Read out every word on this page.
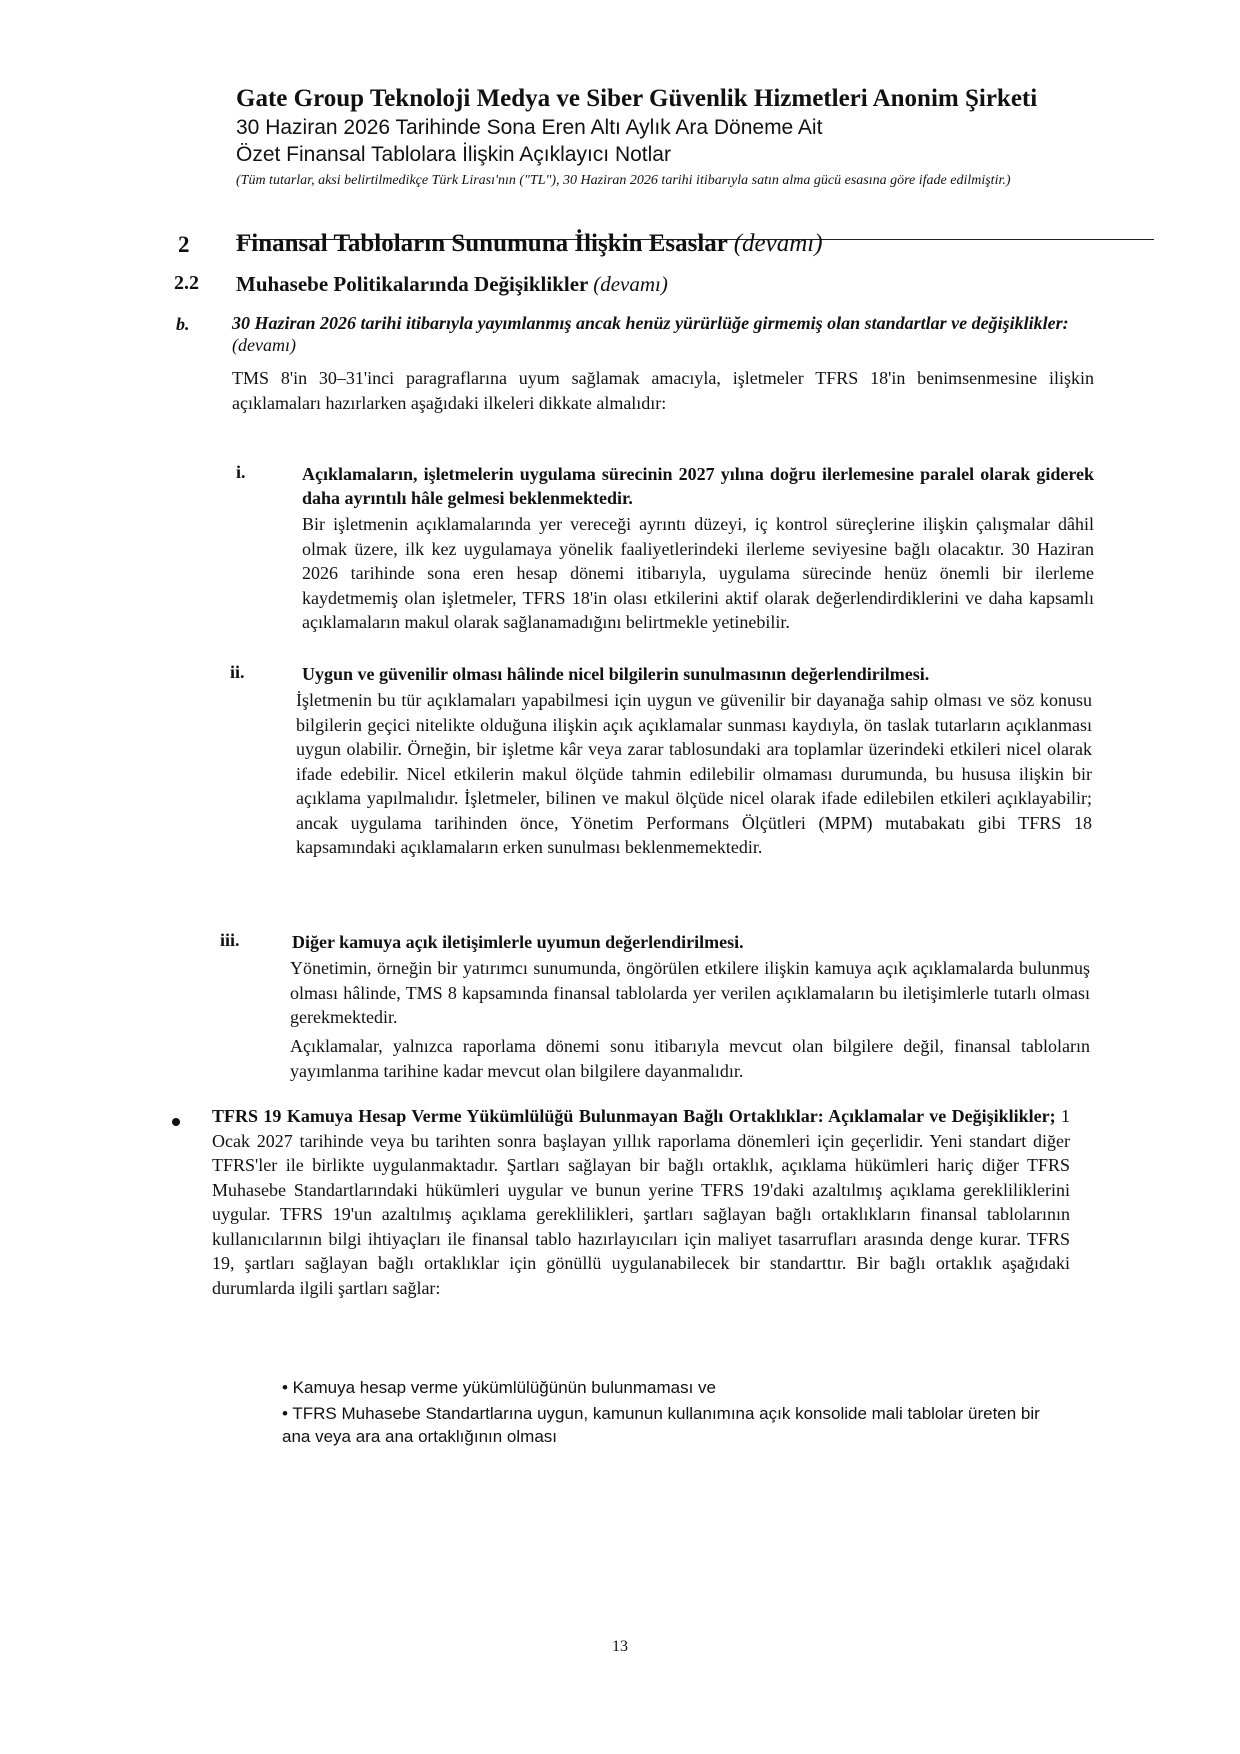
Gate Group Teknoloji Medya ve Siber Güvenlik Hizmetleri Anonim Şirketi
30 Haziran 2026 Tarihinde Sona Eren Altı Aylık Ara Döneme Ait
Özet Finansal Tablolara İlişkin Açıklayıcı Notlar
(Tüm tutarlar, aksi belirtilmedikçe Türk Lirası'nın ("TL"), 30 Haziran 2026 tarihi itibarıyla satın alma gücü esasına göre ifade edilmiştir.)
2 Finansal Tabloların Sunumuna İlişkin Esaslar (devamı)
2.2 Muhasebe Politikalarında Değişiklikler (devamı)
b. 30 Haziran 2026 tarihi itibarıyla yayımlanmış ancak henüz yürürlüğe girmemiş olan standartlar ve değişiklikler: (devamı)
TMS 8'in 30–31'inci paragraflarına uyum sağlamak amacıyla, işletmeler TFRS 18'in benimsenmesine ilişkin açıklamaları hazırlarken aşağıdaki ilkeleri dikkate almalıdır:
i.	Açıklamaların, işletmelerin uygulama sürecinin 2027 yılına doğru ilerlemesine paralel olarak giderek daha ayrıntılı hâle gelmesi beklenmektedir.
Bir işletmenin açıklamalarında yer vereceği ayrıntı düzeyi, iç kontrol süreçlerine ilişkin çalışmalar dâhil olmak üzere, ilk kez uygulamaya yönelik faaliyetlerindeki ilerleme seviyesine bağlı olacaktır. 30 Haziran 2026 tarihinde sona eren hesap dönemi itibarıyla, uygulama sürecinde henüz önemli bir ilerleme kaydetmemiş olan işletmeler, TFRS 18'in olası etkilerini aktif olarak değerlendirdiklerini ve daha kapsamlı açıklamaların makul olarak sağlanamadığını belirtmekle yetinebilir.
ii.	Uygun ve güvenilir olması hâlinde nicel bilgilerin sunulmasının değerlendirilmesi.
İşletmenin bu tür açıklamaları yapabilmesi için uygun ve güvenilir bir dayanağa sahip olması ve söz konusu bilgilerin geçici nitelikte olduğuna ilişkin açık açıklamalar sunması kaydıyla, ön taslak tutarların açıklanması uygun olabilir. Örneğin, bir işletme kâr veya zarar tablosundaki ara toplamlar üzerindeki etkileri nicel olarak ifade edebilir. Nicel etkilerin makul ölçüde tahmin edilebilir olmaması durumunda, bu hususa ilişkin bir açıklama yapılmalıdır. İşletmeler, bilinen ve makul ölçüde nicel olarak ifade edilebilen etkileri açıklayabilir; ancak uygulama tarihinden önce, Yönetim Performans Ölçütleri (MPM) mutabakatı gibi TFRS 18 kapsamındaki açıklamaların erken sunulması beklenmemektedir.
iii.	Diğer kamuya açık iletişimlerle uyumun değerlendirilmesi.
Yönetimin, örneğin bir yatırımcı sunumunda, öngörülen etkilere ilişkin kamuya açık açıklamalarda bulunmuş olması hâlinde, TMS 8 kapsamında finansal tablolarda yer verilen açıklamaların bu iletişimlerle tutarlı olması gerekmektedir.
Açıklamalar, yalnızca raporlama dönemi sonu itibarıyla mevcut olan bilgilere değil, finansal tabloların yayımlanma tarihine kadar mevcut olan bilgilere dayanmalıdır.
TFRS 19 Kamuya Hesap Verme Yükümlülüğü Bulunmayan Bağlı Ortaklıklar: Açıklamalar ve Değişiklikler; 1 Ocak 2027 tarihinde veya bu tarihten sonra başlayan yıllık raporlama dönemleri için geçerlidir. Yeni standart diğer TFRS'ler ile birlikte uygulanmaktadır. Şartları sağlayan bir bağlı ortaklık, açıklama hükümleri hariç diğer TFRS Muhasebe Standartlarındaki hükümleri uygular ve bunun yerine TFRS 19'daki azaltılmış açıklama gerekliliklerini uygular. TFRS 19'un azaltılmış açıklama gereklilikleri, şartları sağlayan bağlı ortaklıkların finansal tablolarının kullanıcılarının bilgi ihtiyaçları ile finansal tablo hazırlayıcıları için maliyet tasarrufları arasında denge kurar. TFRS 19, şartları sağlayan bağlı ortaklıklar için gönüllü uygulanabilecek bir standarttır. Bir bağlı ortaklık aşağıdaki durumlarda ilgili şartları sağlar:
• Kamuya hesap verme yükümlülüğünün bulunmaması ve
• TFRS Muhasebe Standartlarına uygun, kamunun kullanımına açık konsolide mali tablolar üreten bir ana veya ara ana ortaklığının olması
13
